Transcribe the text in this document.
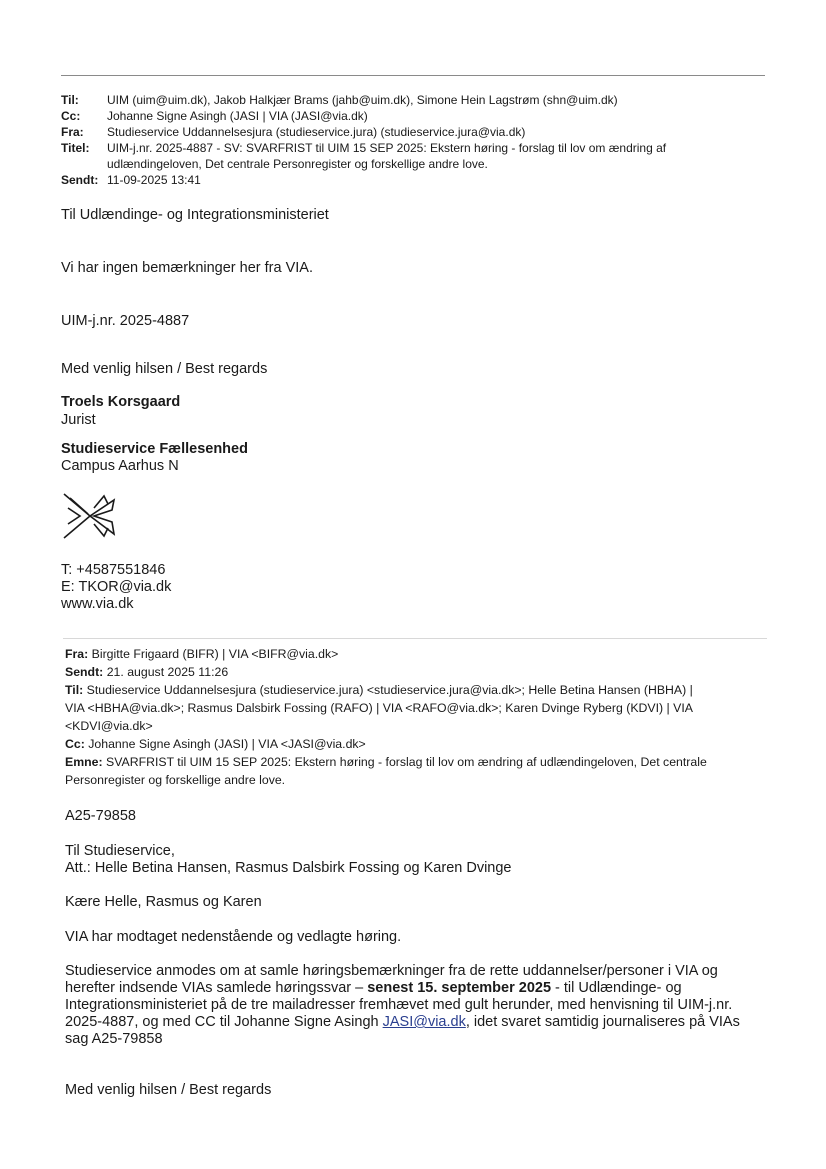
Til: UIM (uim@uim.dk), Jakob Halkjær Brams (jahb@uim.dk), Simone Hein Lagstrøm (shn@uim.dk)
Cc: Johanne Signe Asingh (JASI | VIA (JASI@via.dk)
Fra: Studieservice Uddannelsesjura (studieservice.jura) (studieservice.jura@via.dk)
Titel: UIM-j.nr. 2025-4887 - SV: SVARFRIST til UIM 15 SEP 2025: Ekstern høring - forslag til lov om ændring af
udlændingeloven, Det centrale Personregister og forskellige andre love.
Sendt: 11-09-2025 13:41
Til Udlændinge- og Integrationsministeriet
Vi har ingen bemærkninger her fra VIA.
UIM-j.nr. 2025-4887
Med venlig hilsen / Best regards
Troels Korsgaard
Jurist
Studieservice Fællesenhed
Campus Aarhus N
T: +4587551846
E: TKOR@via.dk
www.via.dk
Fra: Birgitte Frigaard (BIFR) | VIA <BIFR@via.dk>
Sendt: 21. august 2025 11:26
Til: Studieservice Uddannelsesjura (studieservice.jura) <studieservice.jura@via.dk>; Helle Betina Hansen (HBHA) |
VIA <HBHA@via.dk>; Rasmus Dalsbirk Fossing (RAFO) | VIA <RAFO@via.dk>; Karen Dvinge Ryberg (KDVI) | VIA
<KDVI@via.dk>
Cc: Johanne Signe Asingh (JASI) | VIA <JASI@via.dk>
Emne: SVARFRIST til UIM 15 SEP 2025: Ekstern høring - forslag til lov om ændring af udlændingeloven, Det centrale
Personregister og forskellige andre love.
A25-79858
Til Studieservice,
Att.: Helle Betina Hansen, Rasmus Dalsbirk Fossing og Karen Dvinge
Kære Helle, Rasmus og Karen
VIA har modtaget nedenstående og vedlagte høring.
Studieservice anmodes om at samle høringsbemærkninger fra de rette uddannelser/personer i VIA og
herefter indsende VIAs samlede høringssvar – senest 15. september 2025 - til Udlændinge- og
Integrationsministeriet på de tre mailadresser fremhævet med gult herunder, med henvisning til UIM-j.nr.
2025-4887, og med CC til Johanne Signe Asingh JASI@via.dk, idet svaret samtidig journaliseres på VIAs
sag A25-79858
Med venlig hilsen / Best regards
